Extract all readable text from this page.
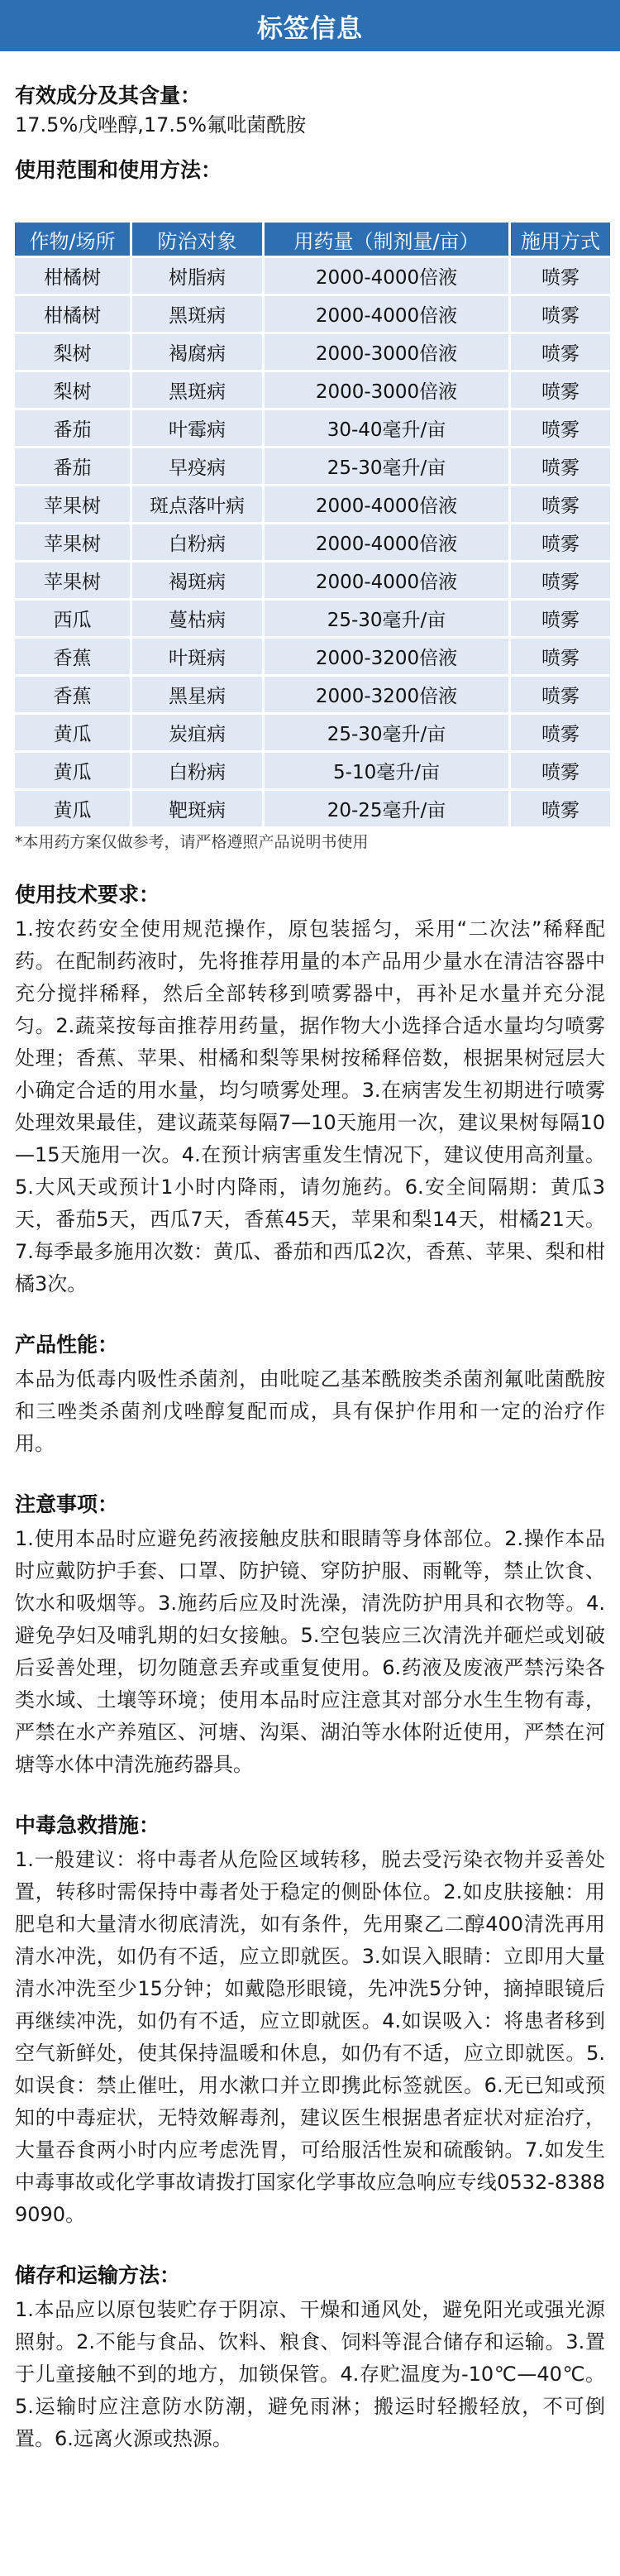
标签信息
有效成分及其含量：

17.5%戊唑醇,17.5%氟吡菌酰胺

使用范围和使用方法：
作物/场所	防治对象	用药量（制剂量/亩）	施用方式
柑橘树	树脂病	2000-4000倍液	喷雾
柑橘树	黑斑病	2000-4000倍液	喷雾
梨树	褐腐病	2000-3000倍液	喷雾
梨树	黑斑病	2000-3000倍液	喷雾
番茄	叶霉病	30-40毫升/亩	喷雾
番茄	早疫病	25-30毫升/亩	喷雾
苹果树	斑点落叶病	2000-4000倍液	喷雾
苹果树	白粉病	2000-4000倍液	喷雾
苹果树	褐斑病	2000-4000倍液	喷雾
西瓜	蔓枯病	25-30毫升/亩	喷雾
香蕉	叶斑病	2000-3200倍液	喷雾
香蕉	黑星病	2000-3200倍液	喷雾
黄瓜	炭疽病	25-30毫升/亩	喷雾
黄瓜	白粉病	5-10毫升/亩	喷雾
黄瓜	靶斑病	20-25毫升/亩	喷雾

*本用药方案仅做参考，请严格遵照产品说明书使用

使用技术要求：

1.按农药安全使用规范操作，原包装摇匀，采用“二次法”稀释配药。在配制药液时，先将推荐用量的本产品用少量水在清洁容器中充分搅拌稀释，然后全部转移到喷雾器中，再补足水量并充分混匀。2.蔬菜按每亩推荐用药量，据作物大小选择合适水量均匀喷雾处理；香蕉、苹果、柑橘和梨等果树按稀释倍数，根据果树冠层大小确定合适的用水量，均匀喷雾处理。3.在病害发生初期进行喷雾处理效果最佳，建议蔬菜每隔7—10天施用一次，建议果树每隔10—15天施用一次。4.在预计病害重发生情况下，建议使用高剂量。5.大风天或预计1小时内降雨，请勿施药。6.安全间隔期：黄瓜3天，番茄5天，西瓜7天，香蕉45天，苹果和梨14天，柑橘21天。7.每季最多施用次数：黄瓜、番茄和西瓜2次，香蕉、苹果、梨和柑橘3次。

产品性能：

本品为低毒内吸性杀菌剂，由吡啶乙基苯酰胺类杀菌剂氟吡菌酰胺和三唑类杀菌剂戊唑醇复配而成，具有保护作用和一定的治疗作用。

注意事项：

1.使用本品时应避免药液接触皮肤和眼睛等身体部位。2.操作本品时应戴防护手套、口罩、防护镜、穿防护服、雨靴等，禁止饮食、饮水和吸烟等。3.施药后应及时洗澡，清洗防护用具和衣物等。4.避免孕妇及哺乳期的妇女接触。5.空包装应三次清洗并砸烂或划破后妥善处理，切勿随意丢弃或重复使用。6.药液及废液严禁污染各类水域、土壤等环境；使用本品时应注意其对部分水生生物有毒，严禁在水产养殖区、河塘、沟渠、湖泊等水体附近使用，严禁在河塘等水体中清洗施药器具。

中毒急救措施：

1.一般建议：将中毒者从危险区域转移，脱去受污染衣物并妥善处置，转移时需保持中毒者处于稳定的侧卧体位。2.如皮肤接触：用肥皂和大量清水彻底清洗，如有条件，先用聚乙二醇400清洗再用清水冲洗，如仍有不适，应立即就医。3.如误入眼睛：立即用大量清水冲洗至少15分钟；如戴隐形眼镜，先冲洗5分钟，摘掉眼镜后再继续冲洗，如仍有不适，应立即就医。4.如误吸入：将患者移到空气新鲜处，使其保持温暖和休息，如仍有不适，应立即就医。5.如误食：禁止催吐，用水漱口并立即携此标签就医。6.无已知或预知的中毒症状，无特效解毒剂，建议医生根据患者症状对症治疗，大量吞食两小时内应考虑洗胃，可给服活性炭和硫酸钠。7.如发生中毒事故或化学事故请拨打国家化学事故应急响应专线0532-83889090。

储存和运输方法：

1.本品应以原包装贮存于阴凉、干燥和通风处，避免阳光或强光源照射。2.不能与食品、饮料、粮食、饲料等混合储存和运输。3.置于儿童接触不到的地方，加锁保管。4.存贮温度为-10℃—40℃。5.运输时应注意防水防潮，避免雨淋；搬运时轻搬轻放，不可倒置。6.远离火源或热源。
